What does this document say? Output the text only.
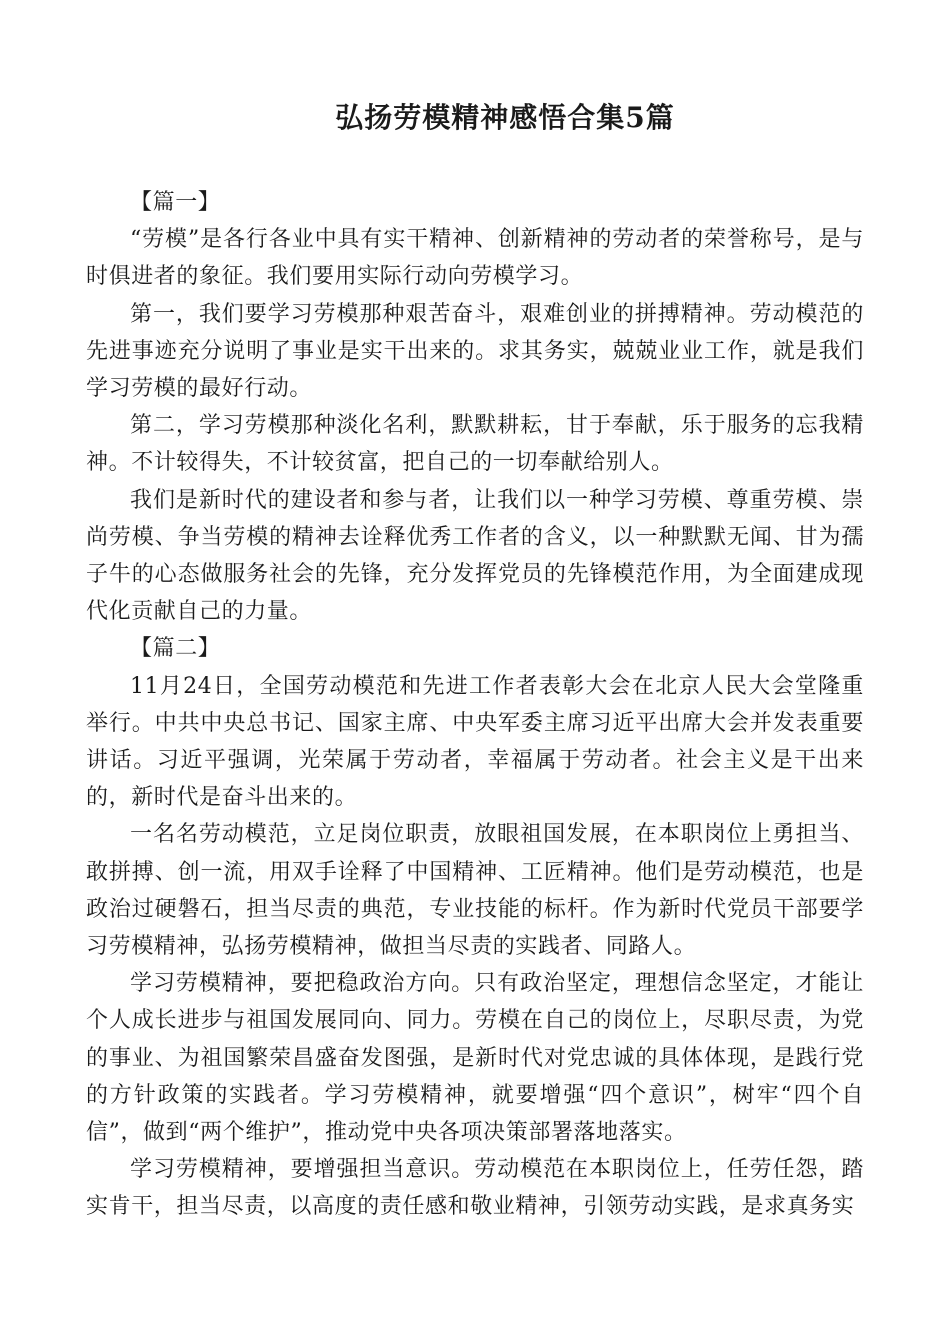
弘扬劳模精神感悟合集5篇

【篇一】

“劳模”是各行各业中具有实干精神、创新精神的劳动者的荣誉称号，是与时俱进者的象征。我们要用实际行动向劳模学习。

第一，我们要学习劳模那种艰苦奋斗，艰难创业的拼搏精神。劳动模范的先进事迹充分说明了事业是实干出来的。求其务实，兢兢业业工作，就是我们学习劳模的最好行动。

第二，学习劳模那种淡化名利，默默耕耘，甘于奉献，乐于服务的忘我精神。不计较得失，不计较贫富，把自己的一切奉献给别人。

我们是新时代的建设者和参与者，让我们以一种学习劳模、尊重劳模、崇尚劳模、争当劳模的精神去诠释优秀工作者的含义，以一种默默无闻、甘为孺子牛的心态做服务社会的先锋，充分发挥党员的先锋模范作用，为全面建成现代化贡献自己的力量。

【篇二】

11月24日，全国劳动模范和先进工作者表彰大会在北京人民大会堂隆重举行。中共中央总书记、国家主席、中央军委主席习近平出席大会并发表重要讲话。习近平强调，光荣属于劳动者，幸福属于劳动者。社会主义是干出来的，新时代是奋斗出来的。

一名名劳动模范，立足岗位职责，放眼祖国发展，在本职岗位上勇担当、敢拼搏、创一流，用双手诠释了中国精神、工匠精神。他们是劳动模范，也是政治过硬磐石，担当尽责的典范，专业技能的标杆。作为新时代党员干部要学习劳模精神，弘扬劳模精神，做担当尽责的实践者、同路人。

学习劳模精神，要把稳政治方向。只有政治坚定，理想信念坚定，才能让个人成长进步与祖国发展同向、同力。劳模在自己的岗位上，尽职尽责，为党的事业、为祖国繁荣昌盛奋发图强，是新时代对党忠诚的具体体现，是践行党的方针政策的实践者。学习劳模精神，就要增强“四个意识”，树牢“四个自信”，做到“两个维护”，推动党中央各项决策部署落地落实。

学习劳模精神，要增强担当意识。劳动模范在本职岗位上，任劳任怨，踏实肯干，担当尽责，以高度的责任感和敬业精神，引领劳动实践，是求真务实
